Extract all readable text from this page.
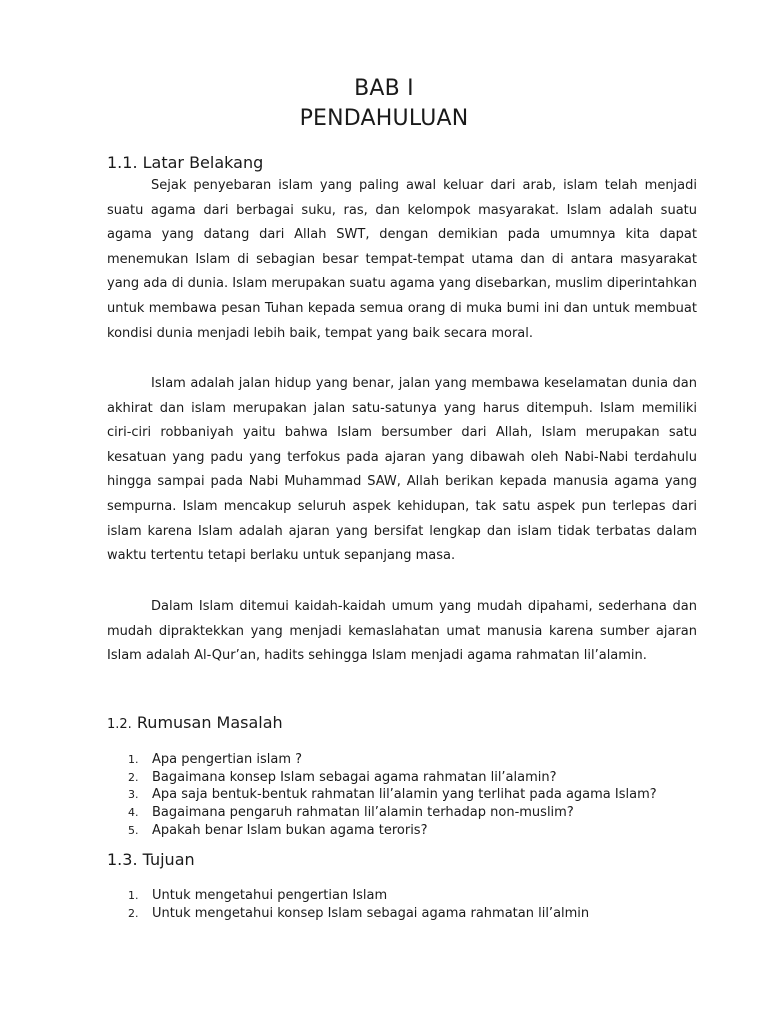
BAB I
PENDAHULUAN
1.1. Latar Belakang

Sejak penyebaran islam yang paling awal keluar dari arab, islam telah menjadi suatu agama dari berbagai suku, ras, dan kelompok masyarakat. Islam adalah suatu agama yang datang dari Allah SWT, dengan demikian pada umumnya kita dapat menemukan Islam di sebagian besar tempat-tempat utama dan di antara masyarakat yang ada di dunia. Islam merupakan suatu agama yang disebarkan, muslim diperintahkan untuk membawa pesan Tuhan kepada semua orang di muka bumi ini dan untuk membuat kondisi dunia menjadi lebih baik, tempat yang baik secara moral.

Islam adalah jalan hidup yang benar, jalan yang membawa keselamatan dunia dan akhirat dan islam merupakan jalan satu-satunya yang harus ditempuh. Islam memiliki ciri-ciri robbaniyah yaitu bahwa Islam bersumber dari Allah, Islam merupakan satu kesatuan yang padu yang terfokus pada ajaran yang dibawah oleh Nabi-Nabi terdahulu hingga sampai pada Nabi Muhammad SAW, Allah berikan kepada manusia agama yang sempurna. Islam mencakup seluruh aspek kehidupan, tak satu aspek pun terlepas dari islam karena Islam adalah ajaran yang bersifat lengkap dan islam tidak terbatas dalam waktu tertentu tetapi berlaku untuk sepanjang masa.

Dalam Islam ditemui kaidah-kaidah umum yang mudah dipahami, sederhana dan mudah dipraktekkan yang menjadi kemaslahatan umat manusia karena sumber ajaran Islam adalah Al-Qur’an, hadits sehingga Islam menjadi agama rahmatan lil’alamin.

1.2. Rumusan Masalah
1. Apa pengertian islam ?
2. Bagaimana konsep Islam sebagai agama rahmatan lil’alamin?
3. Apa saja bentuk-bentuk rahmatan lil’alamin yang terlihat pada agama Islam?
4. Bagaimana pengaruh rahmatan lil’alamin terhadap non-muslim?
5. Apakah benar Islam bukan agama teroris?
1.3. Tujuan
1. Untuk mengetahui pengertian Islam
2. Untuk mengetahui konsep Islam sebagai agama rahmatan lil’almin
